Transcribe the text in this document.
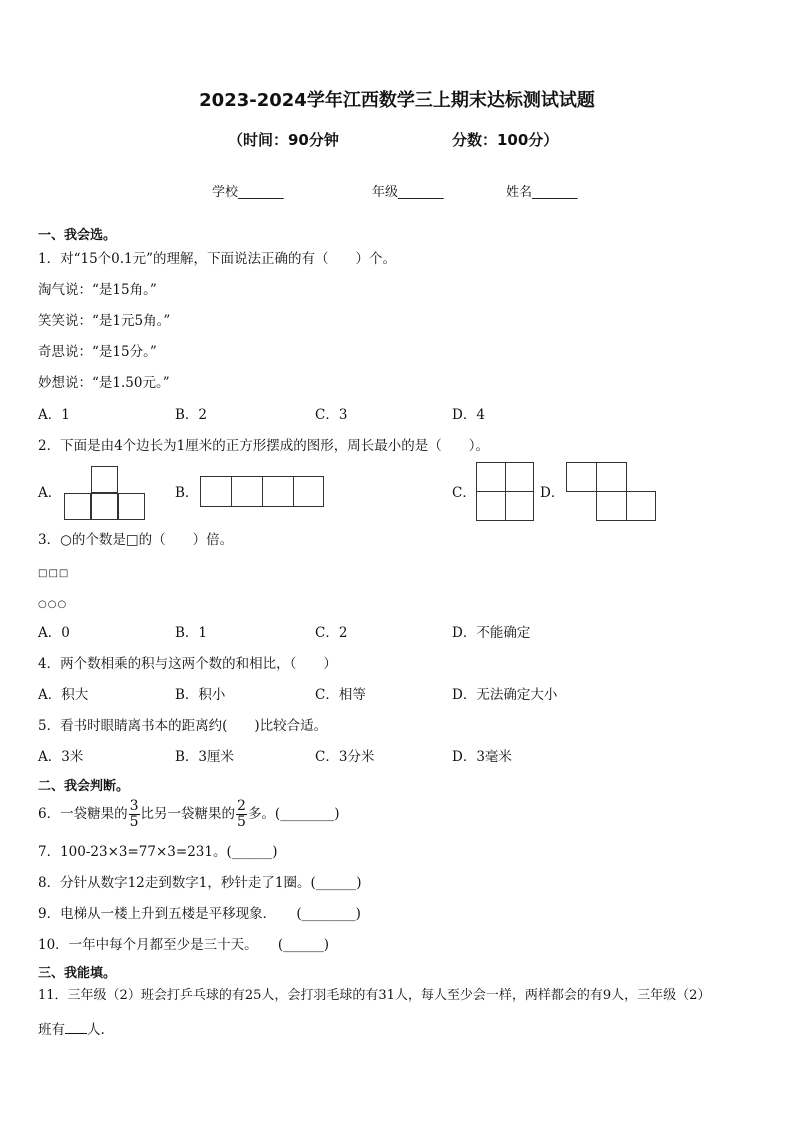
2023-2024学年江西数学三上期末达标测试试题
（时间：90分钟	分数：100分）
学校_______	年级_______	姓名_______
一、我会选。
1．对“15个0.1元”的理解，下面说法正确的有（　　）个。
淘气说：“是15角。”
笑笑说：“是1元5角。”
奇思说：“是15分。”
妙想说：“是1.50元。”
A．1	B．2	C．3	D．4
2．下面是由4个边长为1厘米的正方形摆成的图形，周长最小的是（　　）。
A．	B．	C．	D．
3．○的个数是□的（　　）倍。
□□□
○○○
A．0	B．1	C．2	D．不能确定
4．两个数相乘的积与这两个数的和相比，（　　）
A．积大	B．积小	C．相等	D．无法确定大小
5．看书时眼睛离书本的距离约(　　)比较合适。
A．3米	B．3厘米	C．3分米	D．3毫米
二、我会判断。
6．一袋糖果的 $\frac{3}{5}$ 比另一袋糖果的 $\frac{2}{5}$ 多。(________)
7．100-23×3=77×3=231。(______)
8．分针从数字12走到数字1，秒针走了1圈。(______)
9．电梯从一楼上升到五楼是平移现象．　　(________)
10．一年中每个月都至少是三十天。　　(______)
三、我能填。
11．三年级（2）班会打乒乓球的有25人，会打羽毛球的有31人，每人至少会一样，两样都会的有9人，三年级（2）
班有 人.
